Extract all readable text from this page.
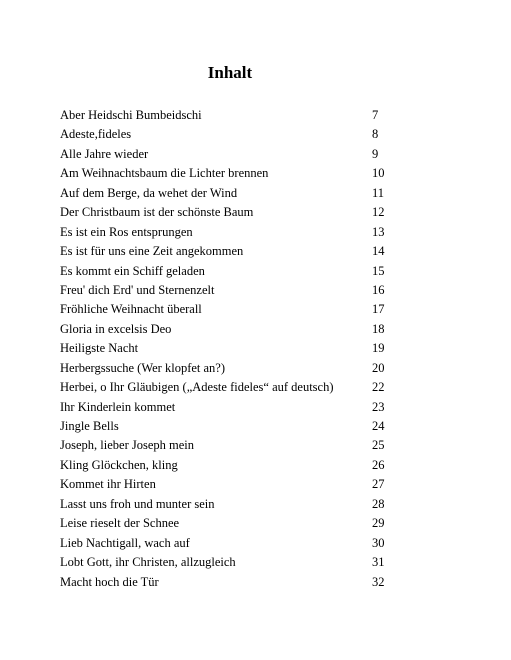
Inhalt
Aber Heidschi Bumbeidschi	7
Adeste,fideles	8
Alle Jahre wieder	9
Am Weihnachtsbaum die Lichter brennen	10
Auf dem Berge, da wehet der Wind	11
Der Christbaum ist der schönste Baum	12
Es ist ein Ros entsprungen	13
Es ist für uns eine Zeit angekommen	14
Es kommt ein Schiff geladen	15
Freu' dich Erd' und Sternenzelt	16
Fröhliche Weihnacht überall	17
Gloria in excelsis Deo	18
Heiligste Nacht	19
Herbergssuche (Wer klopfet an?)	20
Herbei, o Ihr Gläubigen („Adeste fideles“ auf deutsch)	22
Ihr Kinderlein kommet	23
Jingle Bells	24
Joseph, lieber Joseph mein	25
Kling Glöckchen, kling	26
Kommet ihr Hirten	27
Lasst uns froh und munter sein	28
Leise rieselt der Schnee	29
Lieb Nachtigall, wach auf	30
Lobt Gott, ihr Christen, allzugleich	31
Macht hoch die Tür	32
